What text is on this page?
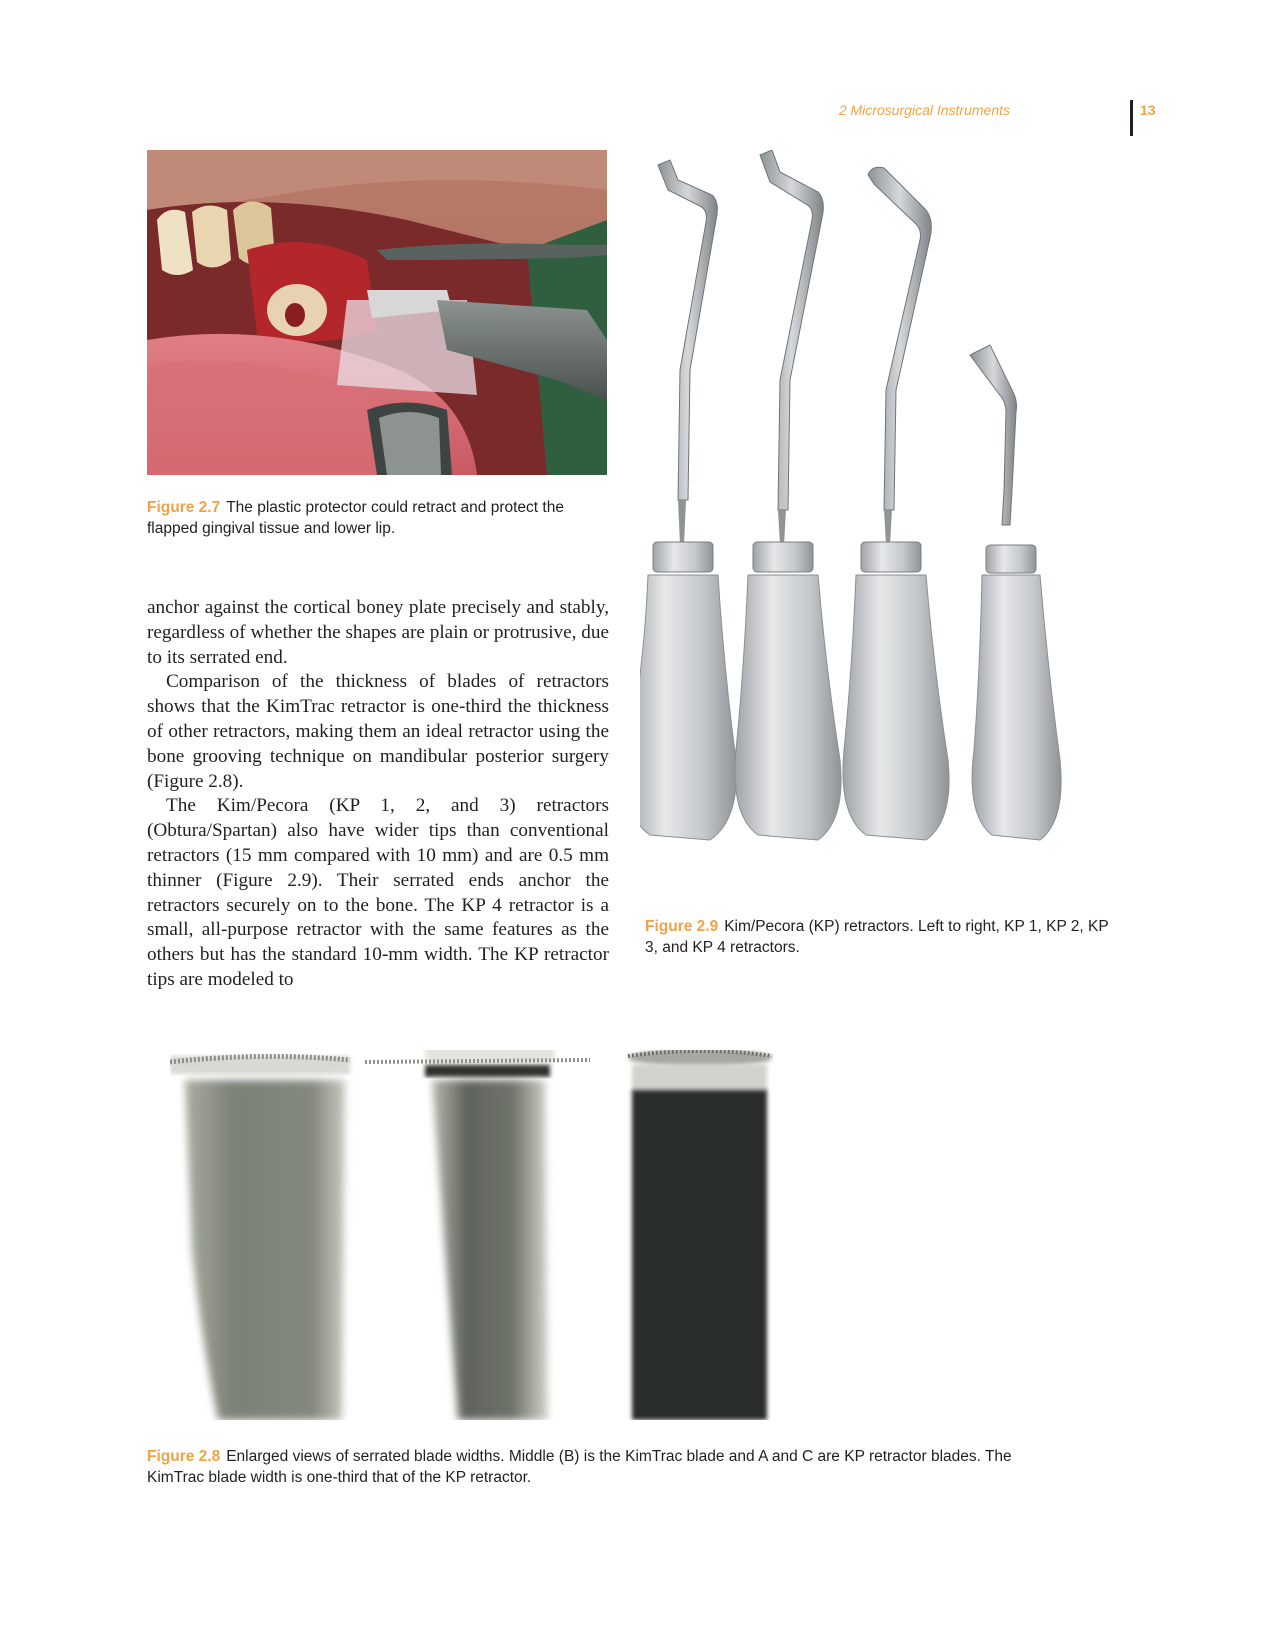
2 Microsurgical Instruments	13
Figure 2.7 The plastic protector could retract and protect the flapped gingival tissue and lower lip.
Figure 2.9 Kim/Pecora (KP) retractors. Left to right, KP 1, KP 2, KP 3, and KP 4 retractors.

anchor against the cortical boney plate precisely and stably, regardless of whether the shapes are plain or protrusive, due to its serrated end.

Comparison of the thickness of blades of retractors shows that the KimTrac retractor is one-third the thickness of other retractors, making them an ideal retractor using the bone grooving technique on mandibular posterior surgery (Figure 2.8).

The Kim/Pecora (KP 1, 2, and 3) retractors (Obtura/Spartan) also have wider tips than conventional retractors (15 mm compared with 10 mm) and are 0.5 mm thinner (Figure 2.9). Their serrated ends anchor the retractors securely on to the bone. The KP 4 retractor is a small, all-purpose retractor with the same features as the others but has the standard 10-mm width. The KP retractor tips are modeled to

Figure 2.8 Enlarged views of serrated blade widths. Middle (B) is the KimTrac blade and A and C are KP retractor blades. The KimTrac blade width is one-third that of the KP retractor.
